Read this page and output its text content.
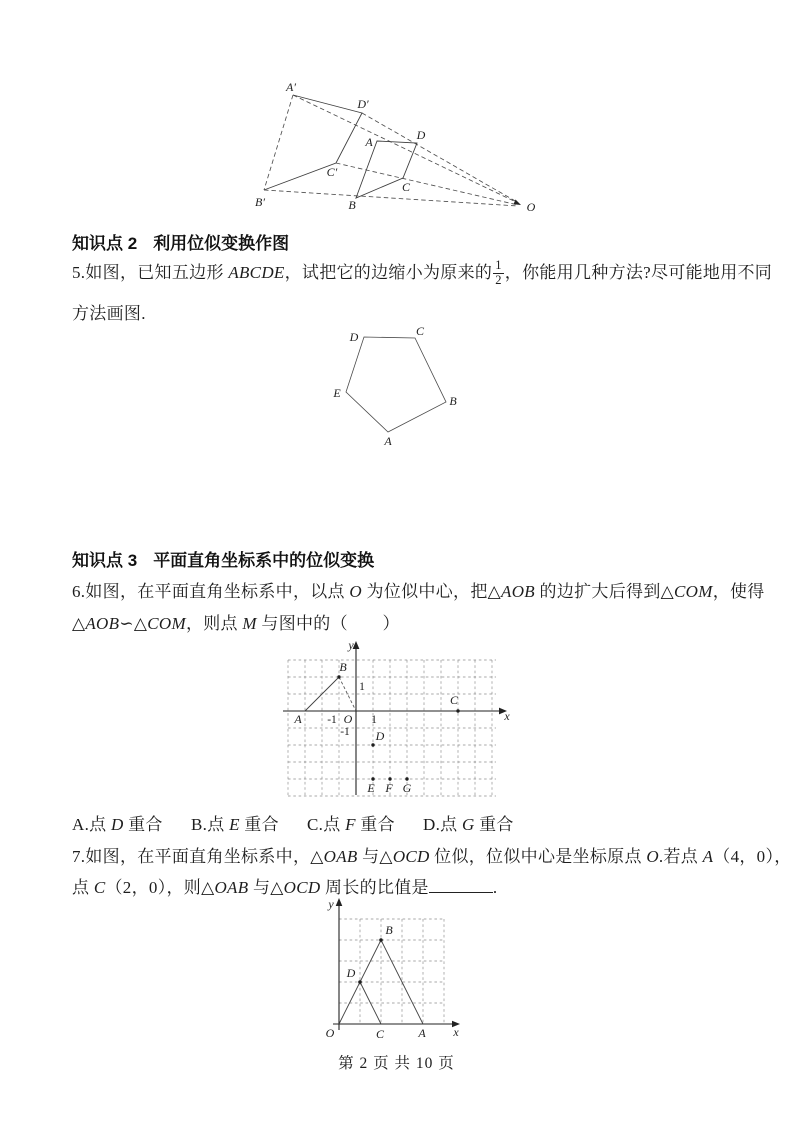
A′
D′
B′
C′
A
B
C
D
O
知识点 2 利用位似变换作图
5.如图，已知五边形 ABCDE，试把它的边缩小为原来的 $\frac{1}{2}$ ，你能用几种方法?尽可能地用不同
方法画图.
D	C
E
B
A
知识点 3 平面直角坐标系中的位似变换
6.如图，在平面直角坐标系中，以点 O 为位似中心，把△AOB 的边扩大后得到△COM，使得
△AOB∽△COM，则点 M 与图中的（　　）
y
x
B
A -1 O 1
1
-1
C
D
E F G
A.点 D 重合 B.点 E 重合 C.点 F 重合 D.点 G 重合
7.如图，在平面直角坐标系中，△OAB 与△OCD 位似，位似中心是坐标原点 O.若点 A（4，0），
点 C（2，0），则△OAB 与△OCD 周长的比值是	.
y
x
O	C	A
B
D
第 2 页 共 10 页
